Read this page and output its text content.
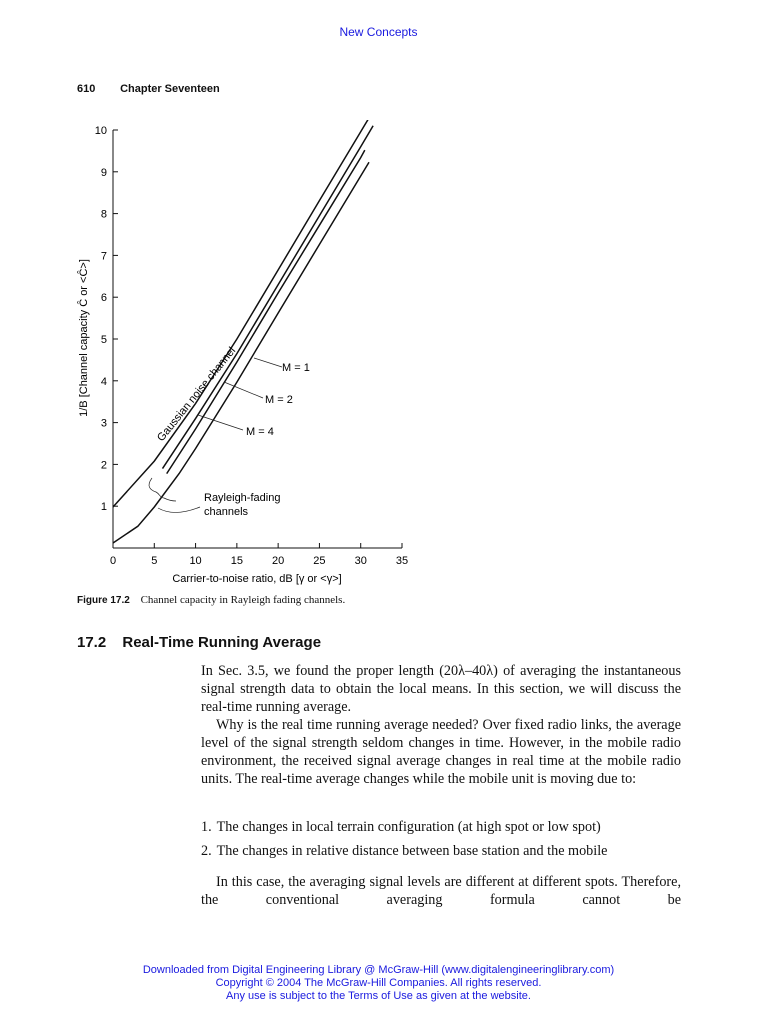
New Concepts
610 Chapter Seventeen
0	5	10	15	20	25	30	35
1
2
3
4
5
6
7
8
9
10
Gaussian noise channel	M = 1
M = 2
M = 4
Rayleigh-fading
channels
Carrier-to-noise ratio, dB [γ or <γ>]
1/B [Channel capacity Ĉ or <Ĉ>]
Figure 17.2 Channel capacity in Rayleigh fading channels.
17.2 Real-Time Running Average

In Sec. 3.5, we found the proper length (20λ–40λ) of averaging the instantaneous signal strength data to obtain the local means. In this section, we will discuss the real-time running average.

Why is the real time running average needed? Over fixed radio links, the average level of the signal strength seldom changes in time. However, in the mobile radio environment, the received signal average changes in real time at the mobile radio units. The real-time average changes while the mobile unit is moving due to:

1. The changes in local terrain configuration (at high spot or low spot)
2. The changes in relative distance between base station and the mobile

In this case, the averaging signal levels are different at different spots. Therefore, the conventional averaging formula cannot be

Downloaded from Digital Engineering Library @ McGraw-Hill (www.digitalengineeringlibrary.com)
Copyright © 2004 The McGraw-Hill Companies. All rights reserved.
Any use is subject to the Terms of Use as given at the website.
